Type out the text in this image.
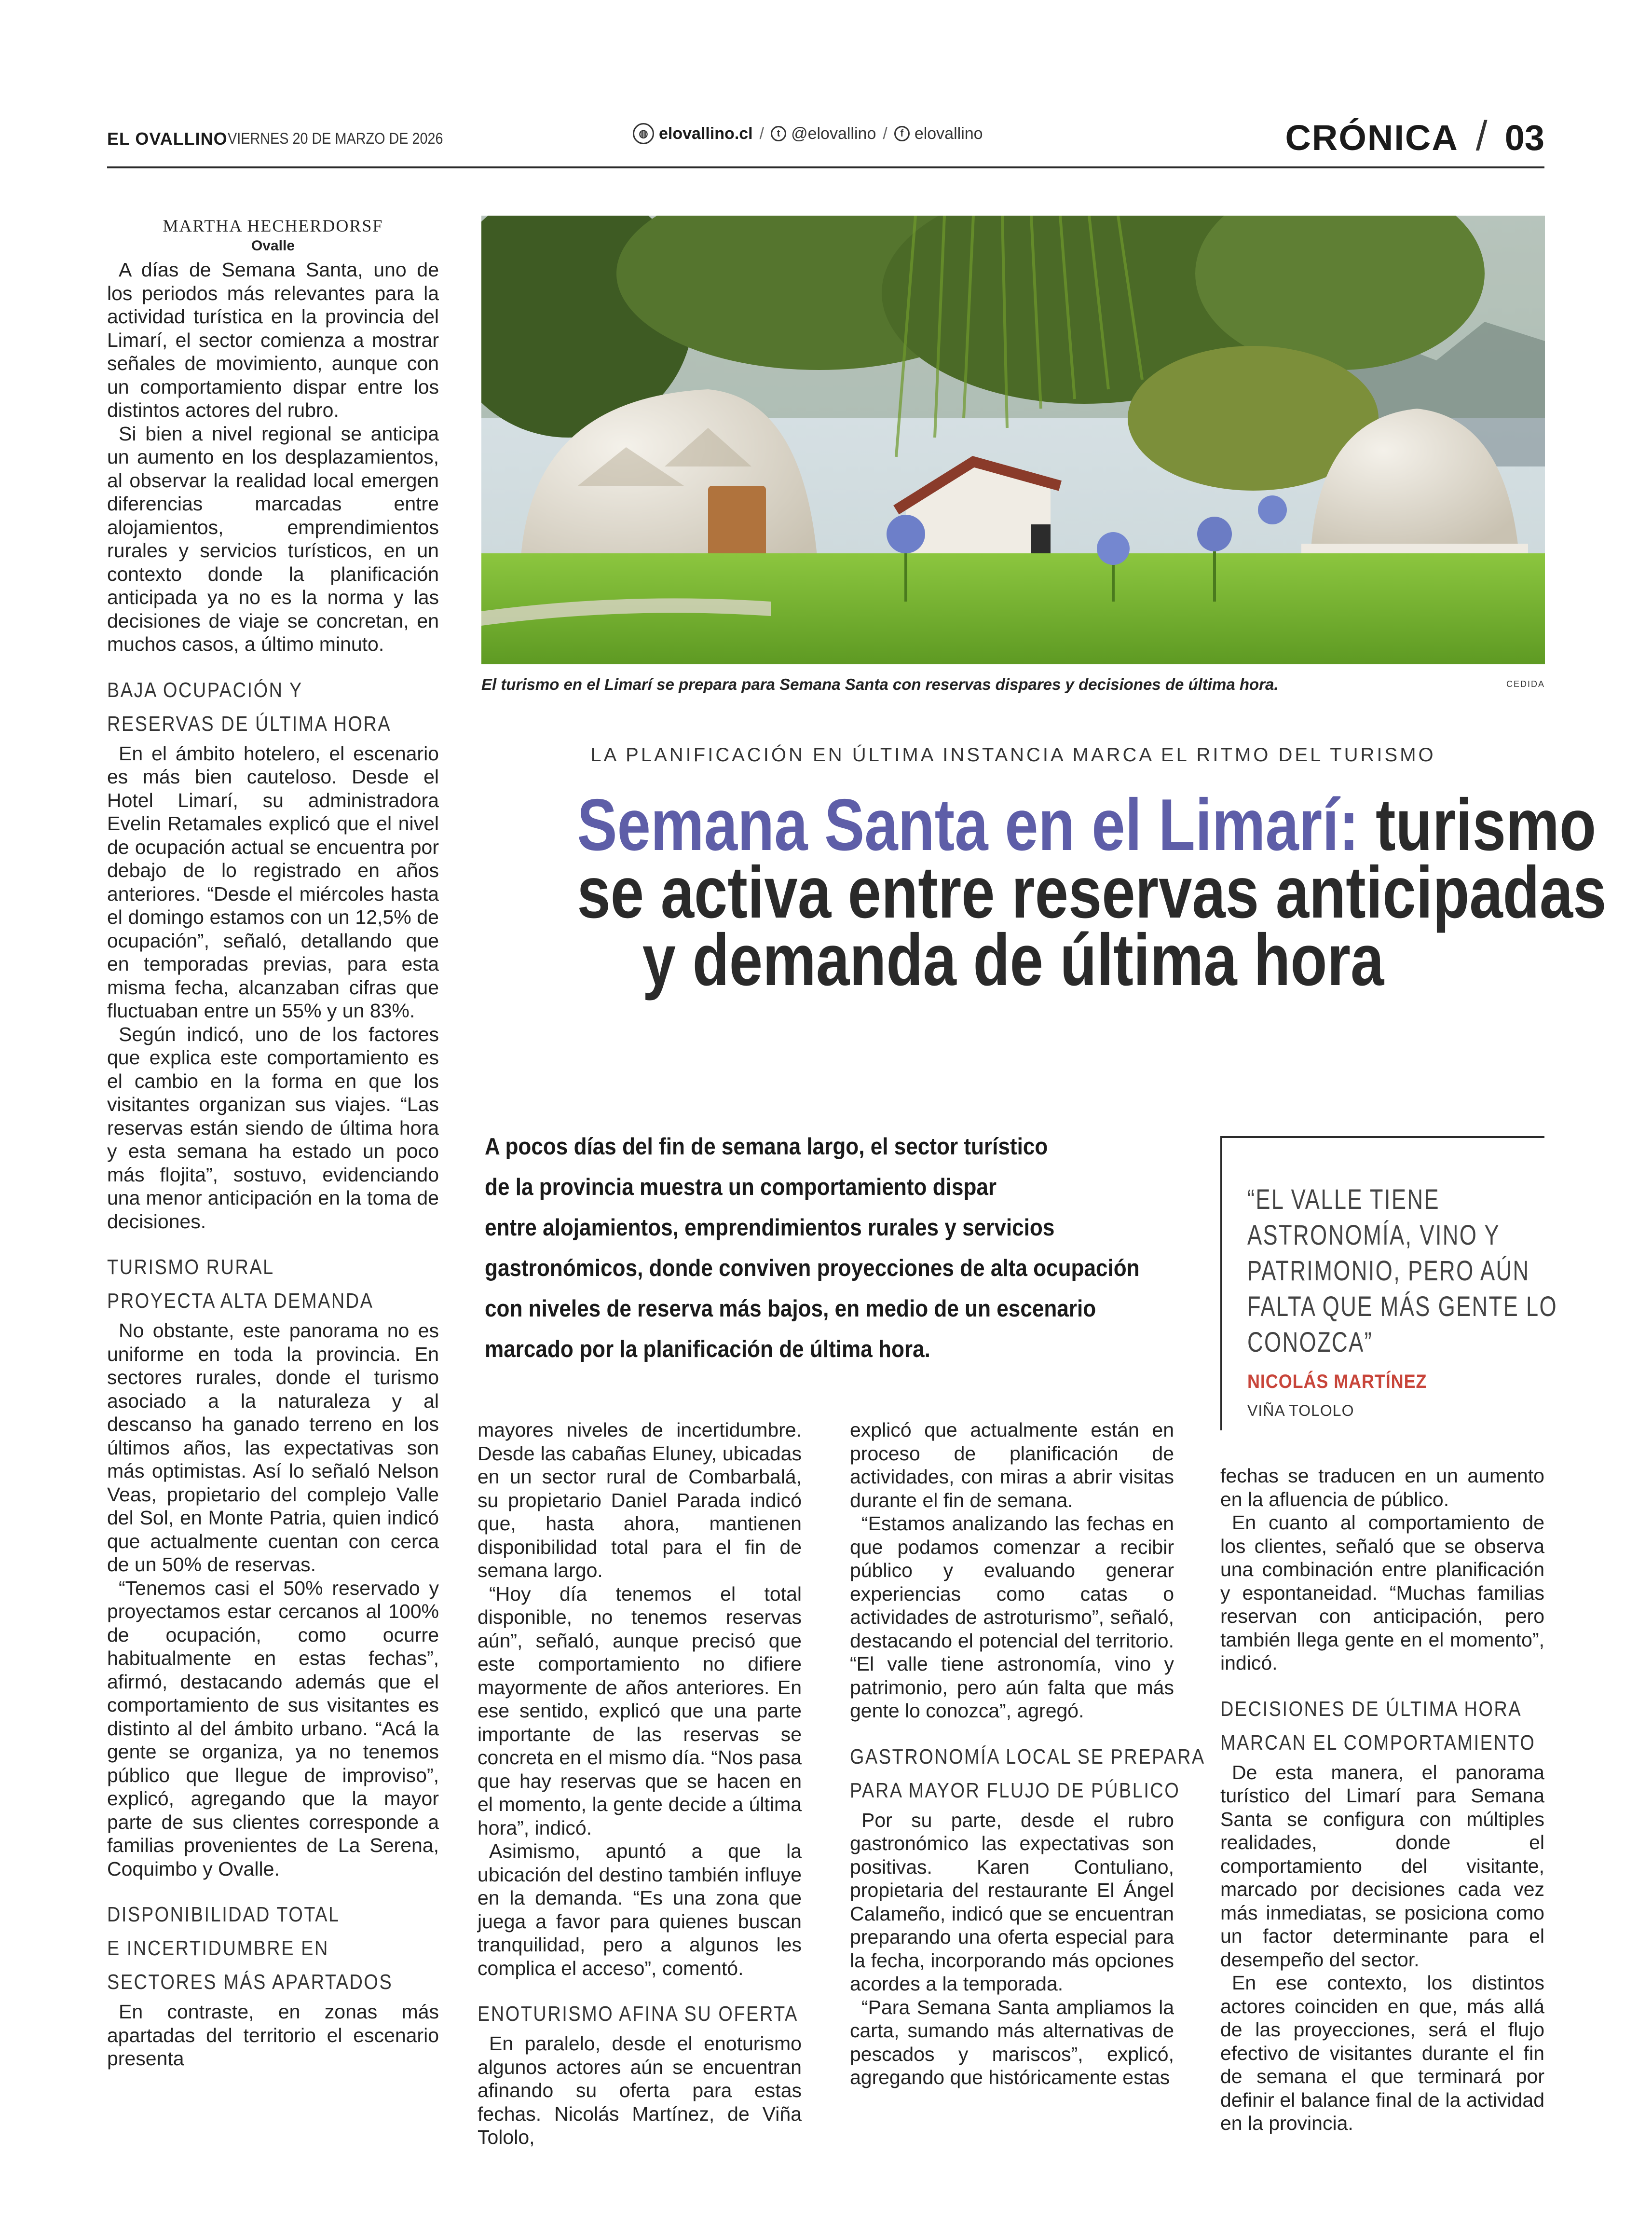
EL OVALLINO VIERNES 20 DE MARZO DE 2026	◍ elovallino.cl /	t @elovallino /	f elovallino	CRÓNICA / 03
El turismo en el Limarí se prepara para Semana Santa con reservas dispares y decisiones de última hora.	CEDIDA
LA PLANIFICACIÓN EN ÚLTIMA INSTANCIA MARCA EL RITMO DEL TURISMO
Semana Santa en el Limarí: turismo
se activa entre reservas anticipadas
y demanda de última hora
A pocos días del fin de semana largo, el sector turístico
de la provincia muestra un comportamiento dispar
entre alojamientos, emprendimientos rurales y servicios
gastronómicos, donde conviven proyecciones de alta ocupación
con niveles de reserva más bajos, en medio de un escenario
marcado por la planificación de última hora.
“EL VALLE TIENE
ASTRONOMÍA, VINO Y
PATRIMONIO, PERO AÚN
FALTA QUE MÁS GENTE LO
CONOZCA”
NICOLÁS MARTÍNEZ
VIÑA TOLOLO
MARTHA HECHERDORSF
Ovalle

A días de Semana Santa, uno de los periodos más relevantes para la actividad turística en la provincia del Limarí, el sector comienza a mostrar señales de movimiento, aunque con un comportamiento dispar entre los distintos actores del rubro.

Si bien a nivel regional se anticipa un aumento en los desplazamientos, al observar la realidad local emergen diferencias marcadas entre alojamientos, emprendimientos rurales y servicios turísticos, en un contexto donde la planificación anticipada ya no es la norma y las decisiones de viaje se concretan, en muchos casos, a último minuto.

BAJA OCUPACIÓN Y
RESERVAS DE ÚLTIMA HORA

En el ámbito hotelero, el escenario es más bien cauteloso. Desde el Hotel Limarí, su administradora Evelin Retamales explicó que el nivel de ocupación actual se encuentra por debajo de lo registrado en años anteriores. “Desde el miércoles hasta el domingo estamos con un 12,5% de ocupación”, señaló, detallando que en temporadas previas, para esta misma fecha, alcanzaban cifras que fluctuaban entre un 55% y un 83%.

Según indicó, uno de los factores que explica este comportamiento es el cambio en la forma en que los visitantes organizan sus viajes. “Las reservas están siendo de última hora y esta semana ha estado un poco más flojita”, sostuvo, evidenciando una menor anticipación en la toma de decisiones.

TURISMO RURAL
PROYECTA ALTA DEMANDA

No obstante, este panorama no es uniforme en toda la provincia. En sectores rurales, donde el turismo asociado a la naturaleza y al descanso ha ganado terreno en los últimos años, las expectativas son más optimistas. Así lo señaló Nelson Veas, propietario del complejo Valle del Sol, en Monte Patria, quien indicó que actualmente cuentan con cerca de un 50% de reservas.

“Tenemos casi el 50% reservado y proyectamos estar cercanos al 100% de ocupación, como ocurre habitualmente en estas fechas”, afirmó, destacando además que el comportamiento de sus visitantes es distinto al del ámbito urbano. “Acá la gente se organiza, ya no tenemos público que llegue de improviso”, explicó, agregando que la mayor parte de sus clientes corresponde a familias provenientes de La Serena, Coquimbo y Ovalle.

DISPONIBILIDAD TOTAL
E INCERTIDUMBRE EN
SECTORES MÁS APARTADOS

En contraste, en zonas más apartadas del territorio el escenario presenta

mayores niveles de incertidumbre. Desde las cabañas Eluney, ubicadas en un sector rural de Combarbalá, su propietario Daniel Parada indicó que, hasta ahora, mantienen disponibilidad total para el fin de semana largo.

“Hoy día tenemos el total disponible, no tenemos reservas aún”, señaló, aunque precisó que este comportamiento no difiere mayormente de años anteriores. En ese sentido, explicó que una parte importante de las reservas se concreta en el mismo día. “Nos pasa que hay reservas que se hacen en el momento, la gente decide a última hora”, indicó.

Asimismo, apuntó a que la ubicación del destino también influye en la demanda. “Es una zona que juega a favor para quienes buscan tranquilidad, pero a algunos les complica el acceso”, comentó.

ENOTURISMO AFINA SU OFERTA

En paralelo, desde el enoturismo algunos actores aún se encuentran afinando su oferta para estas fechas. Nicolás Martínez, de Viña Tololo,

explicó que actualmente están en proceso de planificación de actividades, con miras a abrir visitas durante el fin de semana.

“Estamos analizando las fechas en que podamos comenzar a recibir público y evaluando generar experiencias como catas o actividades de astroturismo”, señaló, destacando el potencial del territorio. “El valle tiene astronomía, vino y patrimonio, pero aún falta que más gente lo conozca”, agregó.

GASTRONOMÍA LOCAL SE PREPARA
PARA MAYOR FLUJO DE PÚBLICO

Por su parte, desde el rubro gastronómico las expectativas son positivas. Karen Contuliano, propietaria del restaurante El Ángel Calameño, indicó que se encuentran preparando una oferta especial para la fecha, incorporando más opciones acordes a la temporada.

“Para Semana Santa ampliamos la carta, sumando más alternativas de pescados y mariscos”, explicó, agregando que históricamente estas

fechas se traducen en un aumento en la afluencia de público.

En cuanto al comportamiento de los clientes, señaló que se observa una combinación entre planificación y espontaneidad. “Muchas familias reservan con anticipación, pero también llega gente en el momento”, indicó.

DECISIONES DE ÚLTIMA HORA
MARCAN EL COMPORTAMIENTO

De esta manera, el panorama turístico del Limarí para Semana Santa se configura con múltiples realidades, donde el comportamiento del visitante, marcado por decisiones cada vez más inmediatas, se posiciona como un factor determinante para el desempeño del sector.

En ese contexto, los distintos actores coinciden en que, más allá de las proyecciones, será el flujo efectivo de visitantes durante el fin de semana el que terminará por definir el balance final de la actividad en la provincia.
